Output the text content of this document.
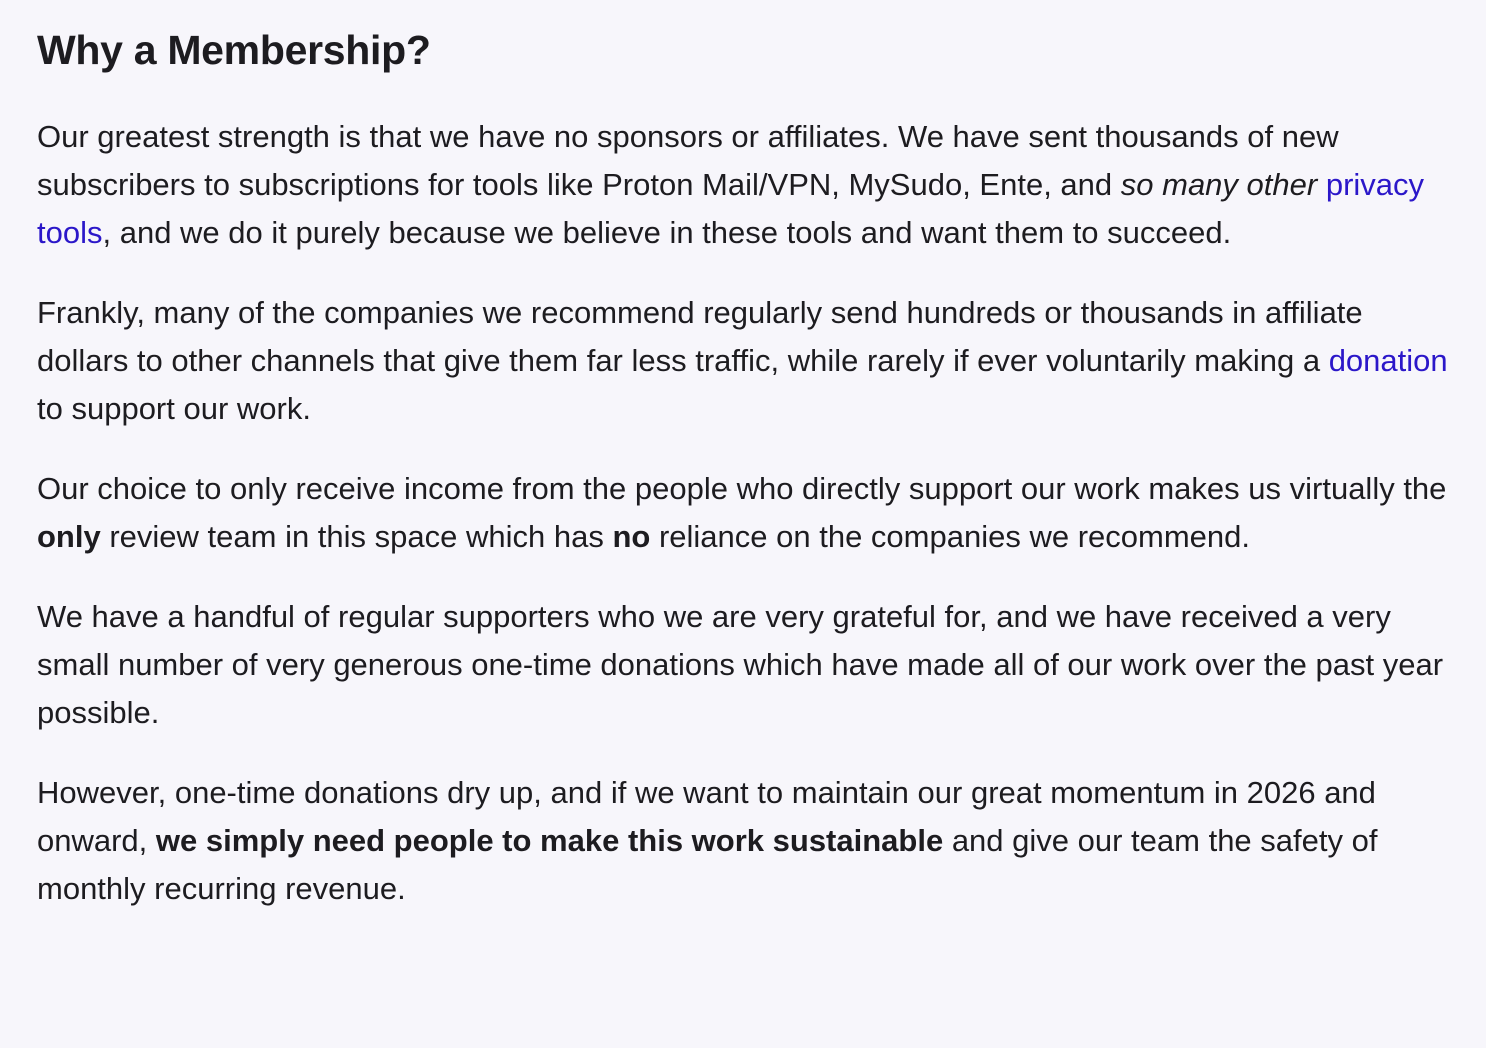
Why a Membership?

Our greatest strength is that we have no sponsors or affiliates. We have sent thousands of new subscribers to subscriptions for tools like Proton Mail/VPN, MySudo, Ente, and so many other privacy tools, and we do it purely because we believe in these tools and want them to succeed.

Frankly, many of the companies we recommend regularly send hundreds or thousands in affiliate dollars to other channels that give them far less traffic, while rarely if ever voluntarily making a donation to support our work.

Our choice to only receive income from the people who directly support our work makes us virtually the only review team in this space which has no reliance on the companies we recommend.

We have a handful of regular supporters who we are very grateful for, and we have received a very small number of very generous one-time donations which have made all of our work over the past year possible.

However, one-time donations dry up, and if we want to maintain our great momentum in 2026 and onward, we simply need people to make this work sustainable and give our team the safety of monthly recurring revenue.
